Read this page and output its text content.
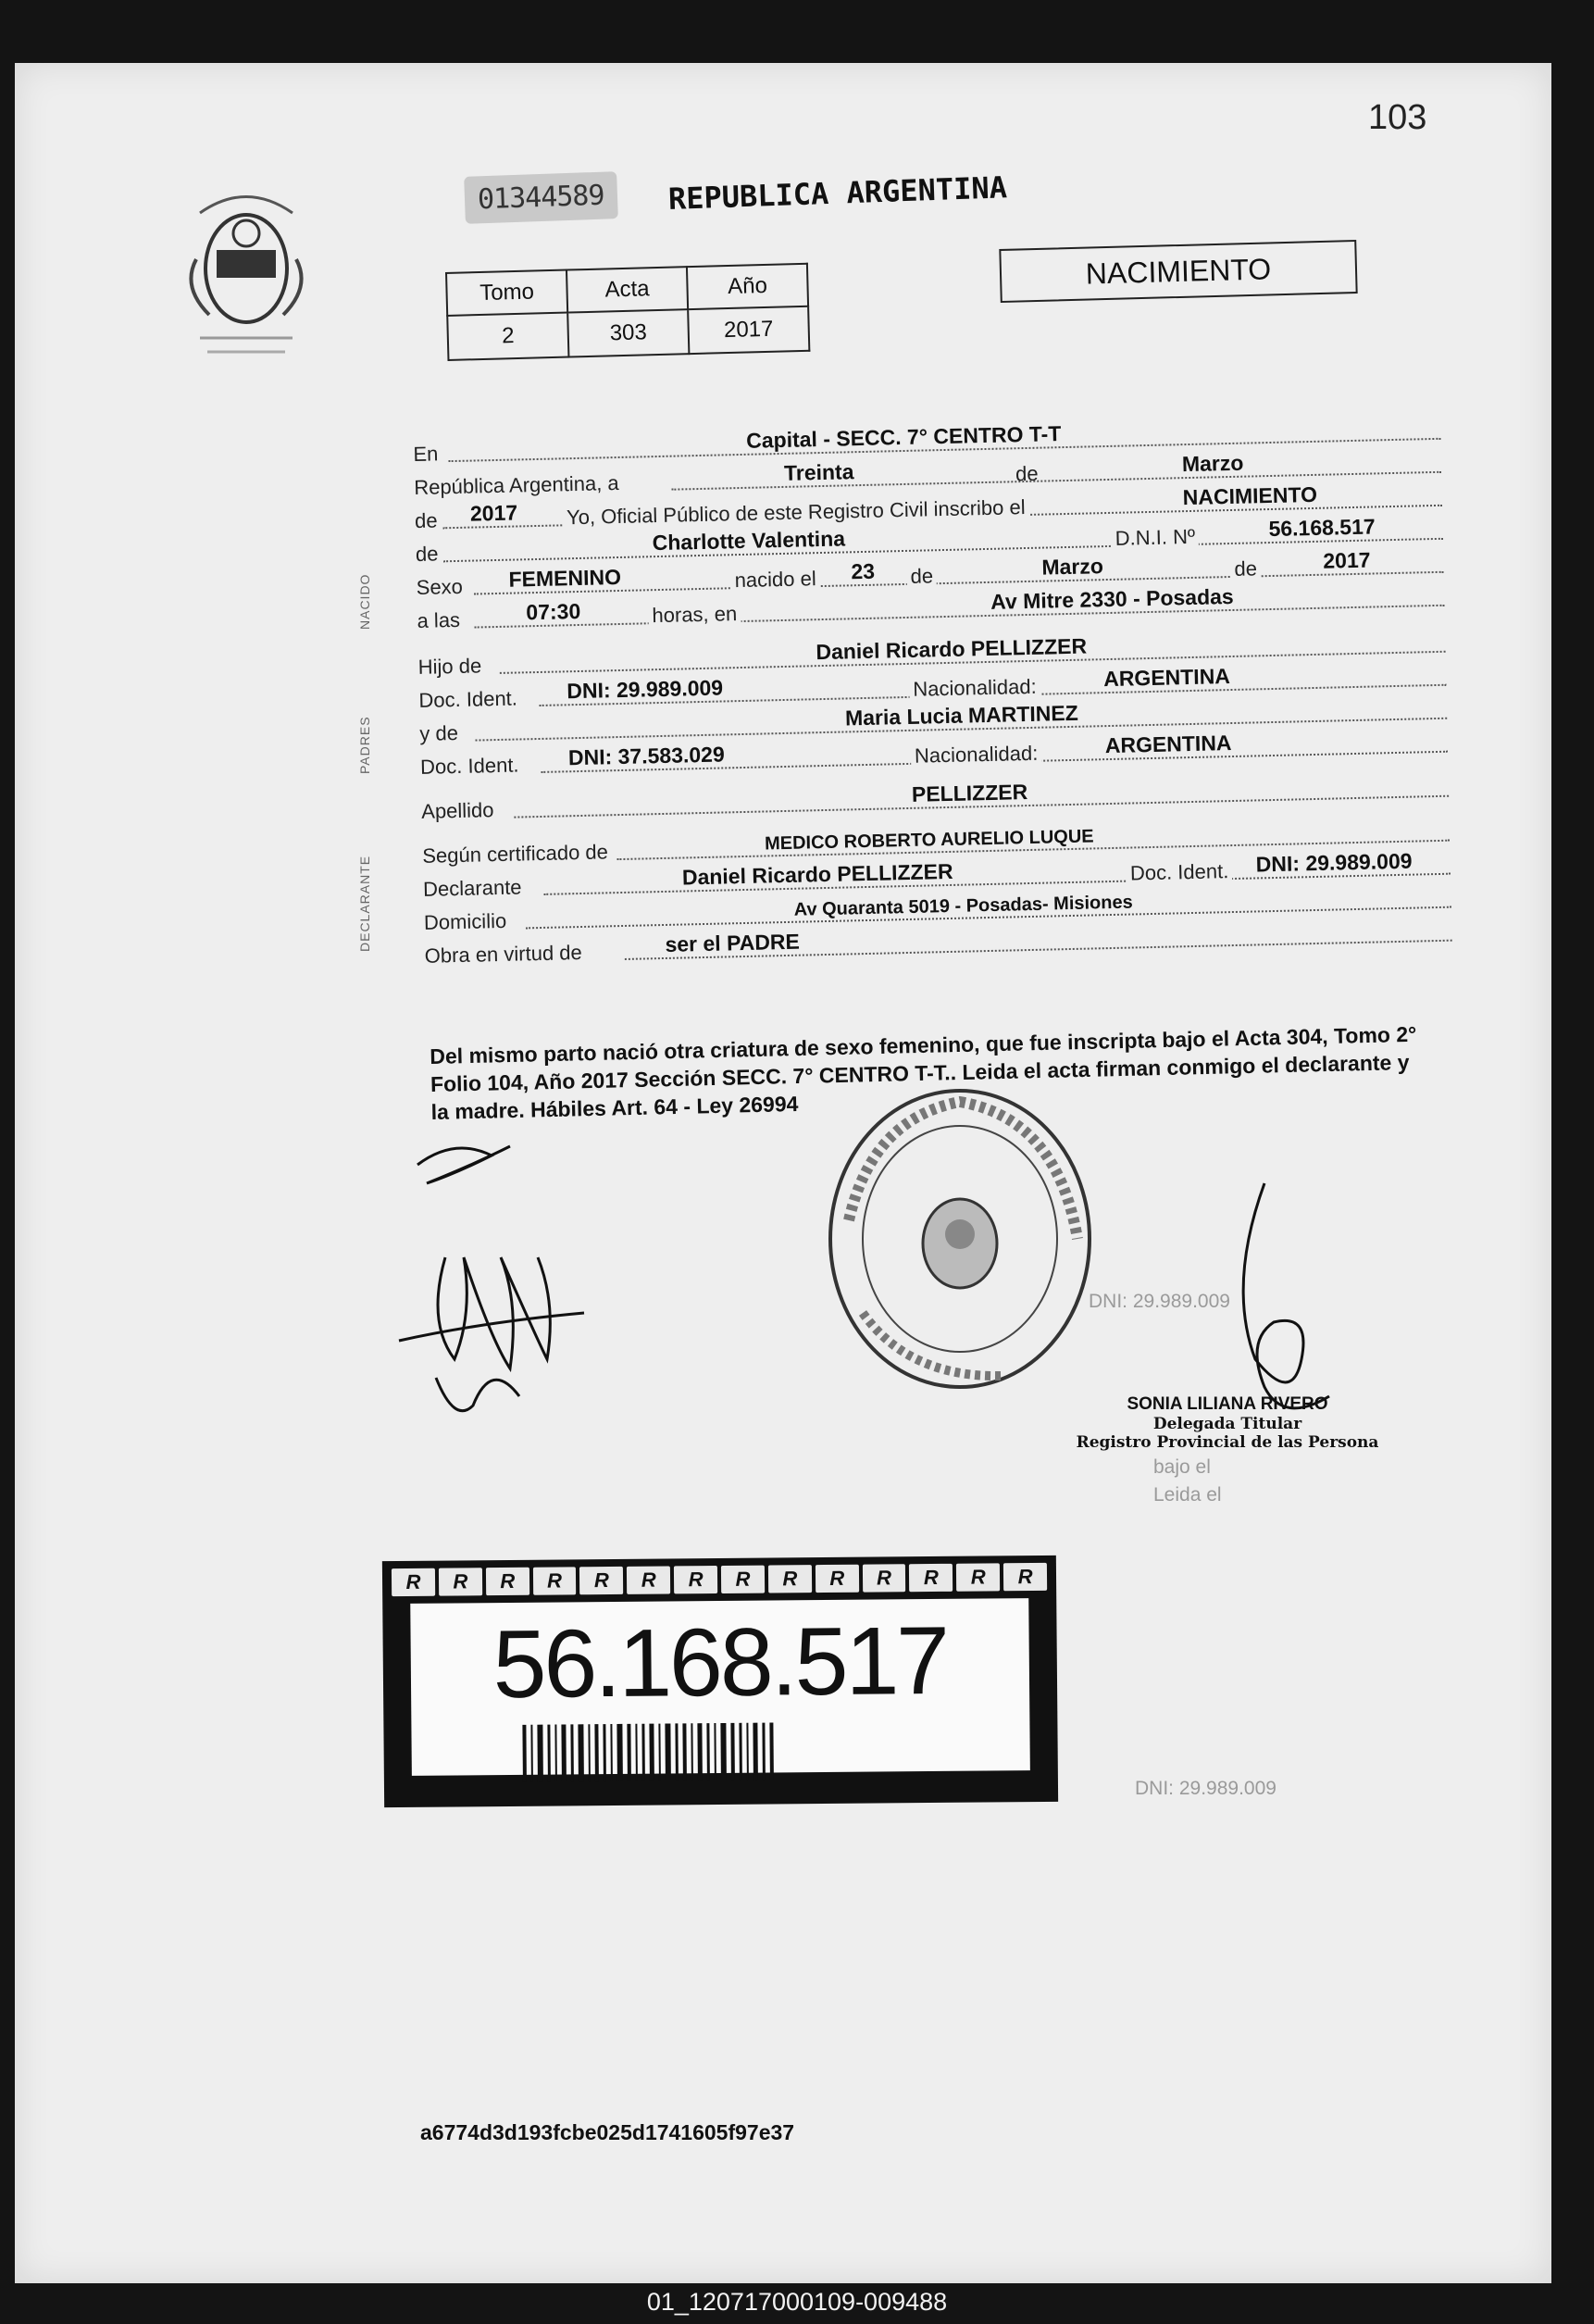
DNI: 29.989.009
bajo el
Leida el
DNI: 29.989.009
103
01344589	REPUBLICA ARGENTINA
Tomo	Acta	Año
2	303	2017
NACIMIENTO
NACIDO
PADRES
DECLARANTE
En
Capital - SECC. 7° CENTRO T-T
República Argentina, a	Treinta	de	Marzo
de 2017 Yo, Oficial Público de este Registro Civil inscribo el	NACIMIENTO
de	Charlotte Valentina	D.N.I. Nº	56.168.517
Sexo FEMENINO	nacido el 23 de	Marzo	de	2017
a las	07:30	horas, en
Av Mitre 2330 - Posadas
Hijo de
Daniel Ricardo PELLIZZER
Doc. Ident. DNI: 29.989.009	Nacionalidad:	ARGENTINA
y de
Maria Lucia MARTINEZ
Doc. Ident. DNI: 37.583.029	Nacionalidad:	ARGENTINA
Apellido
PELLIZZER
Según certificado de	MEDICO ROBERTO AURELIO LUQUE
Declarante	Daniel Ricardo PELLIZZER	Doc. Ident. DNI: 29.989.009
Domicilio
Av Quaranta 5019 - Posadas- Misiones
Obra en virtud de	ser el PADRE
Del mismo parto nació otra criatura de sexo femenino, que fue inscripta bajo el Acta 304, Tomo 2° Folio 104, Año 2017 Sección SECC. 7° CENTRO T-T.. Leida el acta firman conmigo el declarante y la madre. Hábiles Art. 64 - Ley 26994
SONIA LILIANA RIVERO
Delegada Titular
Registro Provincial de las Persona
R	R	R	R	R	R	R	R	R	R	R	R	R	R
56.168.517
a6774d3d193fcbe025d1741605f97e37
01_120717000109-009488
